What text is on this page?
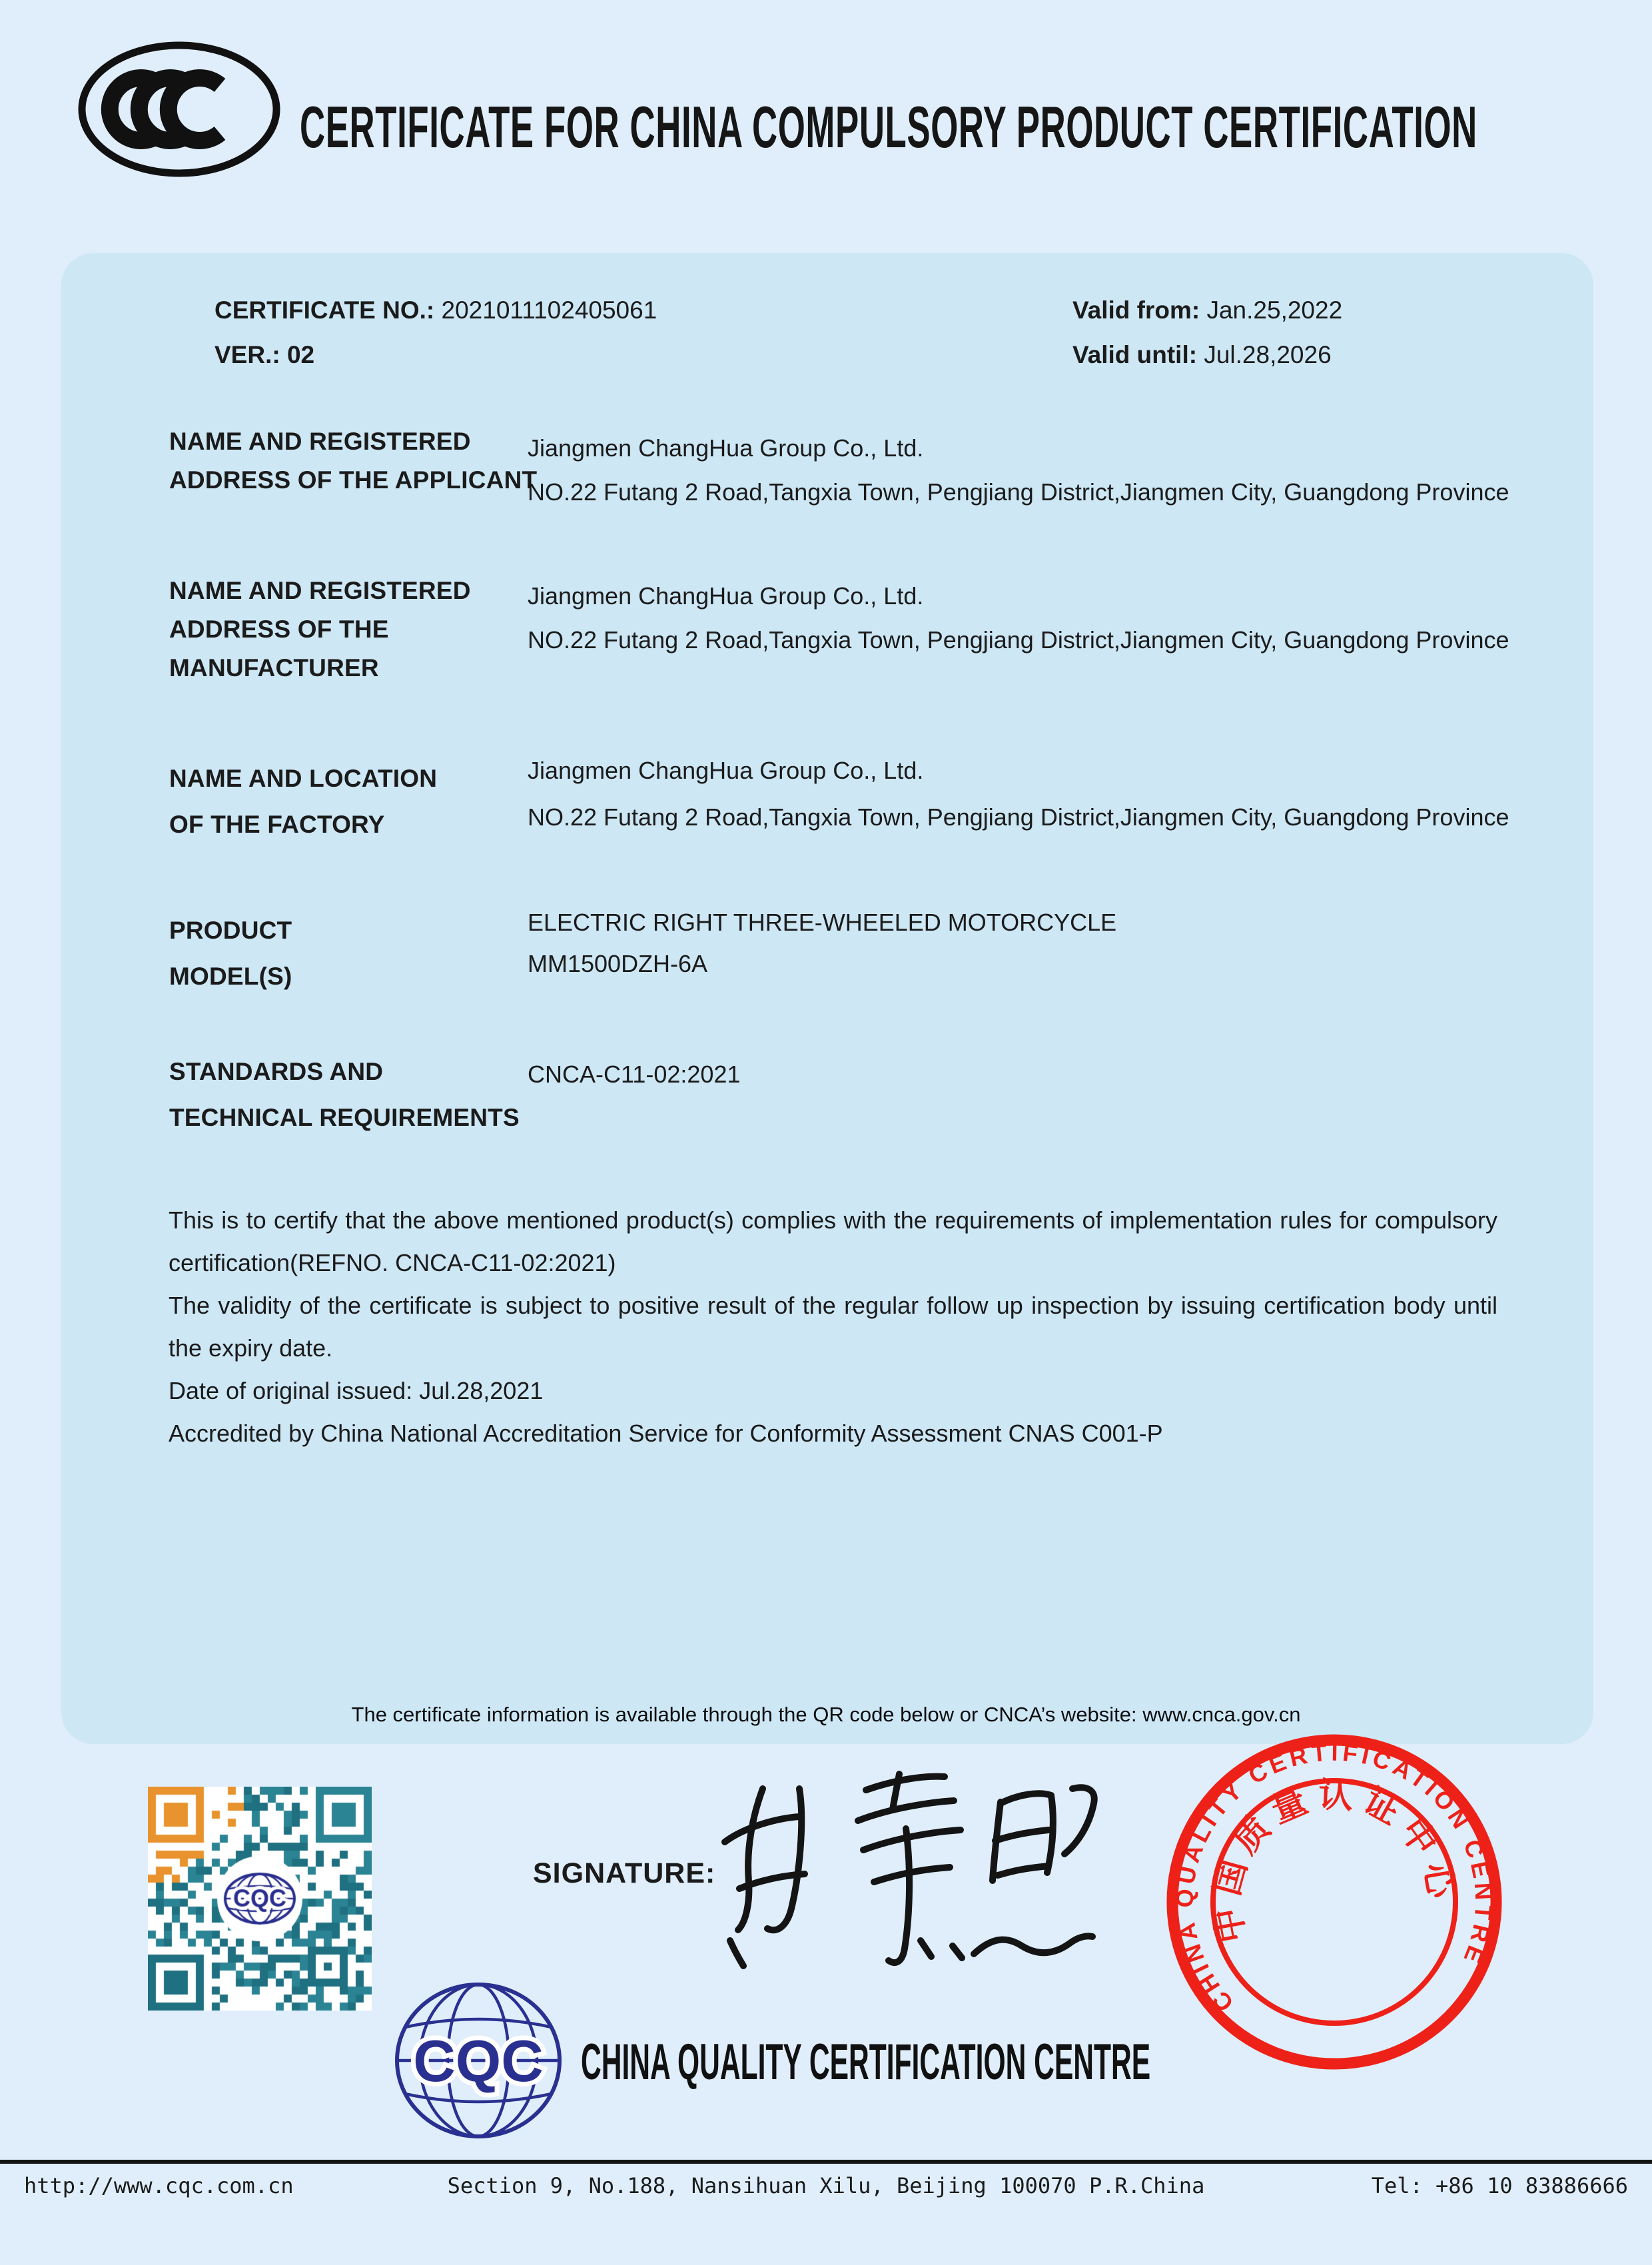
CERTIFICATE FOR CHINA COMPULSORY PRODUCT CERTIFICATION
CERTIFICATE NO.: 2021011102405061
VER.: 02
Valid from: Jan.25,2022
Valid until: Jul.28,2026
NAME AND REGISTERED
ADDRESS OF THE APPLICANT
Jiangmen ChangHua Group Co., Ltd.
NO.22 Futang 2 Road,Tangxia Town, Pengjiang District,Jiangmen City, Guangdong Province
NAME AND REGISTERED
ADDRESS OF THE
MANUFACTURER
Jiangmen ChangHua Group Co., Ltd.
NO.22 Futang 2 Road,Tangxia Town, Pengjiang District,Jiangmen City, Guangdong Province
NAME AND LOCATION
OF THE FACTORY
Jiangmen ChangHua Group Co., Ltd.
NO.22 Futang 2 Road,Tangxia Town, Pengjiang District,Jiangmen City, Guangdong Province
PRODUCT
MODEL(S)
ELECTRIC RIGHT THREE-WHEELED MOTORCYCLE
MM1500DZH-6A
STANDARDS AND
TECHNICAL REQUIREMENTS
CNCA-C11-02:2021

This is to certify that the above mentioned product(s) complies with the requirements of implementation rules for compulsory certification(REFNO. CNCA-C11-02:2021)

The validity of the certificate is subject to positive result of the regular follow up inspection by issuing certification body until the expiry date.

Date of original issued: Jul.28,2021

Accredited by China National Accreditation Service for Conformity Assessment CNAS C001-P

The certificate information is available through the QR code below or CNCA’s website: www.cnca.gov.cn
SIGNATURE:
CHINA QUALITY CERTIFICATION CENTRE
中国质量认证中心
CQC CHINA QUALITY CERTIFICATION CENTRE
http://www.cqc.com.cn	Section 9, No.188, Nansihuan Xilu, Beijing 100070 P.R.China	Tel: +86 10 83886666
